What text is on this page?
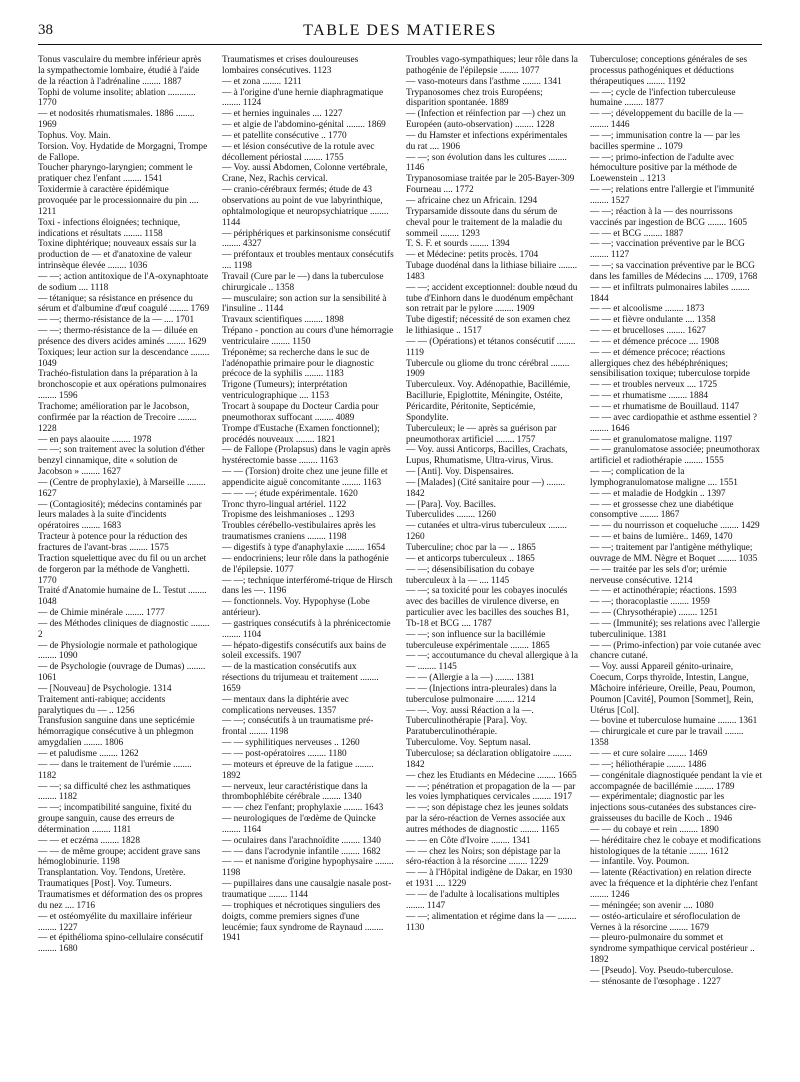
38	TABLE DES MATIERES

Tonus vasculaire du membre inférieur après la sympathectomie lombaire, étudié à l'aide de la réaction à l'adrénaline ........ 1887

Tophi de volume insolite; ablation ............ 1770

— et nodosités rhumatismales. 1886 ........ 1969

Tophus. Voy. Main.

Torsion. Voy. Hydatide de Morgagni, Trompe de Fallope.

Toucher pharyngo-laryngien; comment le pratiquer chez l'enfant ........ 1541

Toxidermie à caractère épidémique provoquée par le processionnaire du pin .... 1211

Toxi - infections éloignées; technique, indications et résultats ........ 1158

Toxine diphtérique; nouveaux essais sur la production de — et d'anatoxine de valeur intrinsèque élevée ........ 1036

— —; action antitoxique de l'A-oxynaphtoate de sodium .... 1118

— tétanique; sa résistance en présence du sérum et d'albumine d'œuf coagulé ........ 1769

— —; thermo-résistance de la — .... 1701

— —; thermo-résistance de la — diluée en présence des divers acides aminés ........ 1629

Toxiques; leur action sur la descendance ........ 1049

Trachéo-fistulation dans la préparation à la bronchoscopie et aux opérations pulmonaires ........ 1596

Trachome; amélioration par le Jacobson, confirmée par la réaction de Trecoire ........ 1228

— en pays alaouite ........ 1978

— —; son traitement avec la solution d'éther benzyl cinnamique, dite « solution de Jacobson » ........ 1627

— (Centre de prophylaxie), à Marseille ........ 1627

— (Contagiosité); médecins contaminés par leurs malades à la suite d'incidents opératoires ........ 1683

Tracteur à potence pour la réduction des fractures de l'avant-bras ........ 1575

Traction squelettique avec du fil ou un archet de forgeron par la méthode de Vanghetti. 1770

Traité d'Anatomie humaine de L. Testut ........ 1048

— de Chimie minérale ........ 1777

— des Méthodes cliniques de diagnostic ........ 2

— de Physiologie normale et pathologique ........ 1090

— de Psychologie (ouvrage de Dumas) ........ 1061

— [Nouveau] de Psychologie. 1314

Traitement anti-rabique; accidents paralytiques du — .. 1256

Transfusion sanguine dans une septicémie hémorragique consécutive à un phlegmon amygdalien ........ 1806

— et paludisme ........ 1262

— — dans le traitement de l'urémie ........ 1182

— —; sa difficulté chez les asthmatiques ........ 1182

— —; incompatibilité sanguine, fixité du groupe sanguin, cause des erreurs de détermination ........ 1181

— — et eczéma ........ 1828

— — de même groupe; accident grave sans hémoglobinurie. 1198

Transplantation. Voy. Tendons, Uretère.

Traumatiques [Post]. Voy. Tumeurs.

Traumatismes et déformation des os propres du nez .... 1716

— et ostéomyélite du maxillaire inférieur ........ 1227

— et épithélioma spino-cellulaire consécutif ........ 1680

Traumatismes et crises douloureuses lombaires consécutives. 1123

— et zona ........ 1211

— à l'origine d'une hernie diaphragmatique ........ 1124

— et hernies inguinales .... 1227

— et algie de l'abdomino-génital ........ 1869

— et patellite consécutive .. 1770

— et lésion consécutive de la rotule avec décollement périostal ........ 1755

— Voy. aussi Abdomen, Colonne vertébrale, Crane, Nez, Rachis cervical.

— cranio-cérébraux fermés; étude de 43 observations au point de vue labyrinthique, ophtalmologique et neuropsychiatrique ........ 1144

— périphériques et parkinsonisme consécutif ........ 4327

— préfontaux et troubles mentaux consécutifs .... 1198

Travail (Cure par le —) dans la tuberculose chirurgicale .. 1358

— musculaire; son action sur la sensibilité à l'insuline .. 1144

Travaux scientifiques ........ 1898

Trépano - ponction au cours d'une hémorragie ventriculaire ........ 1150

Tréponème; sa recherche dans le suc de l'adénopathie primaire pour le diagnostic précoce de la syphilis ........ 1183

Trigone (Tumeurs); interprétation ventriculographique .... 1153

Trocart à soupape du Docteur Cardia pour pneumothorax suffocant ........ 4089

Trompe d'Eustache (Examen fonctionnel); procédés nouveaux ........ 1821

— de Fallope (Prolapsus) dans le vagin après hystérectomie basse ........ 1163

— — (Torsion) droite chez une jeune fille et appendicite aiguë concomitante ........ 1163

— — —; étude expérimentale. 1620

Tronc thyro-lingual artériel. 1122

Tropisme des leishmanioses .. 1293

Troubles cérébello-vestibulaires après les traumatismes craniens ........ 1198

— digestifs à type d'anaphylaxie ........ 1654

— endocriniens; leur rôle dans la pathogénie de l'épilepsie. 1077

— —; technique interféromé-trique de Hirsch dans les —. 1196

— fonctionnels. Voy. Hypophyse (Lobe antérieur).

— gastriques consécutifs à la phrénicectomie ........ 1104

— hépato-digestifs consécutifs aux bains de soleil excessifs. 1907

— de la mastication consécutifs aux résections du trijumeau et traitement ........ 1659

— mentaux dans la diphtérie avec complications nerveuses. 1357

— —; consécutifs à un traumatisme pré-frontal ........ 1198

— — syphilitiques nerveuses .. 1260

— — post-opératoires ........ 1180

— moteurs et épreuve de la fatigue ........ 1892

— nerveux, leur caractéristique dans la thrombophlébite cérébrale ........ 1340

— — chez l'enfant; prophylaxie ........ 1643

— neurologiques de l'œdème de Quincke ........ 1164

— oculaires dans l'arachnoïdite ........ 1340

— — dans l'acrodynie infantile ........ 1682

— — et nanisme d'origine hypophysaire ........ 1198

— pupillaires dans une causalgie nasale post-traumatique ........ 1144

— trophiques et nécrotiques singuliers des doigts, comme premiers signes d'une leucémie; faux syndrome de Raynaud ........ 1941

Troubles vago-sympathiques; leur rôle dans la pathogénie de l'épilepsie ........ 1077

— vaso-moteurs dans l'asthme ........ 1341

Trypanosomes chez trois Européens; disparition spontanée. 1889

— (Infection et réinfection par —) chez un Européen (auto-observation) ........ 1228

— du Hamster et infections expérimentales du rat .... 1906

— —; son évolution dans les cultures ........ 1146

Trypanosomiase traitée par le 205-Bayer-309 Fourneau .... 1772

— africaine chez un Africain. 1294

Tryparsamide dissoute dans du sérum de cheval pour le traitement de la maladie du sommeil ........ 1293

T. S. F. et sourds ........ 1394

— et Médecine: petits procès. 1704

Tubage duodénal dans la lithiase biliaire ........ 1483

— —; accident exceptionnel: double nœud du tube d'Einhorn dans le duodénum empêchant son retrait par le pylore ........ 1909

Tube digestif; nécessité de son examen chez le lithiasique .. 1517

— — (Opérations) et tétanos consécutif ........ 1119

Tubercule ou gliome du tronc cérébral ........ 1909

Tuberculeux. Voy. Adénopathie, Bacillémie, Bacillurie, Epiglottite, Méningite, Ostéite, Péricardite, Péritonite, Septicémie, Spondylite.

Tuberculeux; le — après sa guérison par pneumothorax artificiel ........ 1757

— Voy. aussi Anticorps, Bacilles, Crachats, Lupus, Rhumatisme, Ultra-virus, Virus.

— [Anti]. Voy. Dispensaires.

— [Malades] (Cité sanitaire pour —) ........ 1842

— [Para]. Voy. Bacilles.

Tuberculides ........ 1260

— cutanées et ultra-virus tuberculeux ........ 1260

Tuberculine; choc par la — .. 1865

— et anticorps tuberculeux .. 1865

— —; désensibilisation du cobaye tuberculeux à la — .... 1145

— —; sa toxicité pour les cobayes inoculés avec des bacilles de virulence diverse, en particulier avec les bacilles des souches B1, Tb-18 et BCG .... 1787

— —; son influence sur la bacillémie tuberculeuse expérimentale ........ 1865

— —; accoutumance du cheval allergique à la — ........ 1145

— — (Allergie a la —) ........ 1381

— — (Injections intra-pleurales) dans la tuberculose pulmonaire ........ 1214

— —. Voy. aussi Réaction a la —.

Tuberculinothérapie [Para]. Voy. Paratuberculinothérapie.

Tuberculome. Voy. Septum nasal.

Tuberculose; sa déclaration obligatoire ........ 1842

— chez les Etudiants en Médecine ........ 1665

— —; pénétration et propagation de la — par les voies lymphatiques cervicales ........ 1917

— —; son dépistage chez les jeunes soldats par la séro-réaction de Vernes associée aux autres méthodes de diagnostic ........ 1165

— — en Côte d'Ivoire ........ 1341

— — chez les Noirs; son dépistage par la séro-réaction à la résorcine ........ 1229

— — à l'Hôpital indigène de Dakar, en 1930 et 1931 .... 1229

— — de l'adulte à localisations multiples ........ 1147

— —; alimentation et régime dans la — ........ 1130

Tuberculose; conceptions générales de ses processus pathogéniques et déductions thérapeutiques ........ 1192

— —; cycle de l'infection tuberculeuse humaine ........ 1877

— —; développement du bacille de la — ........ 1446

— —; immunisation contre la — par les bacilles spermine .. 1079

— —; primo-infection de l'adulte avec hémoculture positive par la méthode de Loewenstein .. 1213

— —; relations entre l'allergie et l'immunité ........ 1527

— —; réaction à la — des nourrissons vaccinés par ingestion de BCG ........ 1605

— — et BCG ........ 1887

— —; vaccination préventive par le BCG ........ 1127

— —; sa vaccination préventive par le BCG dans les familles de Médecins .... 1709, 1768

— — et infiltrats pulmonaires labiles ........ 1844

— — et alcoolisme ........ 1873

— — et fièvre ondulante .... 1358

— — et brucelloses ........ 1627

— — et démence précoce .... 1908

— — et démence précoce; réactions allergiques chez des hébéphréniques; sensibilisation toxique; tuberculose torpide

— — et troubles nerveux .... 1725

— — et rhumatisme ........ 1884

— — et rhumatisme de Bouillaud. 1147

— — avec cardiopathie et asthme essentiel ? ........ 1646

— — et granulomatose maligne. 1197

— — granulomatose associée; pneumothorax artificiel et radiothérapie ........ 1555

— —; complication de la lymphogranulomatose maligne .... 1551

— — et maladie de Hodgkin .. 1397

— — et grossesse chez une diabétique consomptive ........ 1867

— — du nourrisson et coqueluche ........ 1429

— — et bains de lumière.. 1469, 1470

— —; traitement par l'antigène méthylique; ouvrage de MM. Nègre et Boquet ........ 1035

— — traitée par les sels d'or; urémie nerveuse consécutive. 1214

— — et actinothérapie; réactions. 1593

— —; thoracoplastie ........ 1959

— — (Chrysothérapie) ........ 1251

— — (Immunité); ses relations avec l'allergie tuberculinique. 1381

— — (Primo-infection) par voie cutanée avec chancre cutané.

— Voy. aussi Appareil génito-urinaire, Coecum, Corps thyroïde, Intestin, Langue, Mâchoire inférieure, Oreille, Peau, Poumon, Poumon [Cavité], Poumon [Sommet], Rein, Utérus [Col].

— bovine et tuberculose humaine ........ 1361

— chirurgicale et cure par le travail ........ 1358

— — et cure solaire ........ 1469

— —; héliothérapie ........ 1486

— congénitale diagnostiquée pendant la vie et accompagnée de bacillémie ........ 1789

— expérimentale; diagnostic par les injections sous-cutanées des substances cire-graisseuses du bacille de Koch .. 1946

— — du cobaye et rein ........ 1890

— héréditaire chez le cobaye et modifications histologiques de la tétanie ........ 1612

— infantile. Voy. Poumon.

— latente (Réactivation) en relation directe avec la fréquence et la diphtérie chez l'enfant ........ 1246

— méningée; son avenir .... 1080

— ostéo-articulaire et sérofloculation de Vernes à la résorcine ........ 1679

— pleuro-pulmonaire du sommet et syndrome sympathique cervical postérieur .. 1892

— [Pseudo]. Voy. Pseudo-tuberculose.

— sténosante de l'œsophage . 1227
